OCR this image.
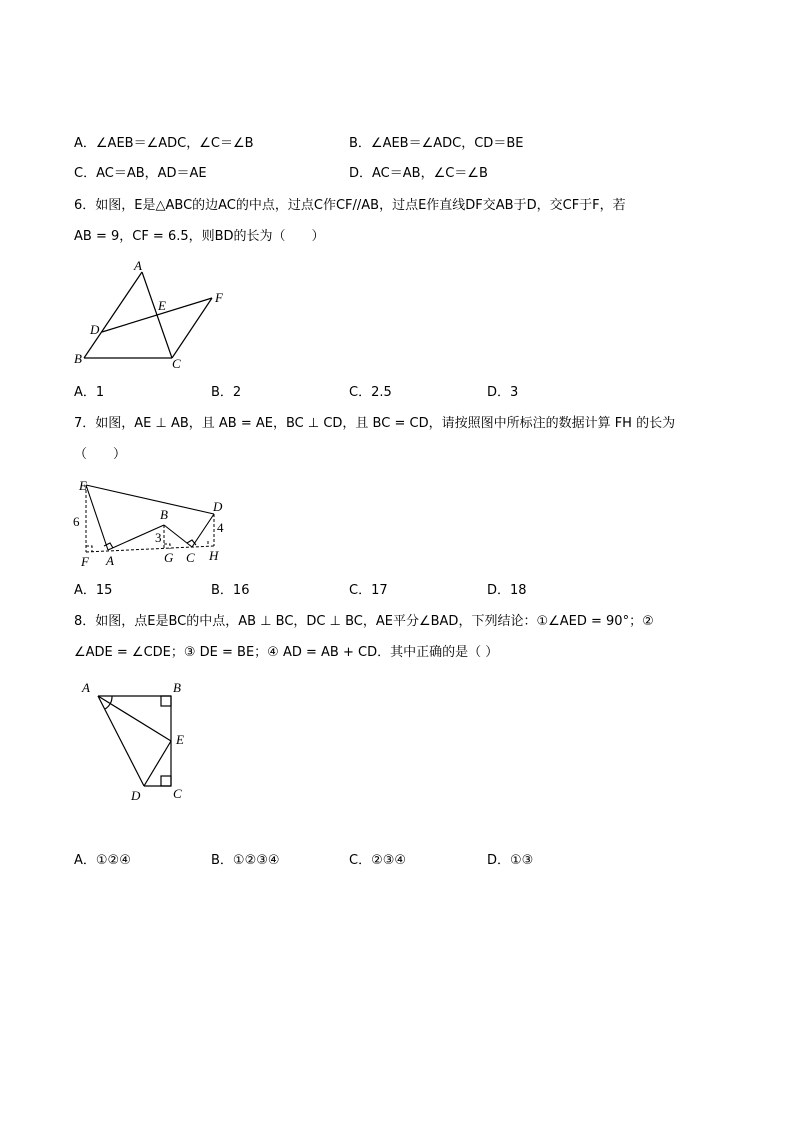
A．∠AEB＝∠ADC，∠C＝∠B	B．∠AEB＝∠ADC，CD＝BE
C．AC＝AB，AD＝AE	D．AC＝AB，∠C＝∠B
6．如图，E是△ABC的边AC的中点，过点C作CF//AB，过点E作直线DF交AB于D，交CF于F，若
AB = 9，CF = 6.5，则BD的长为（　　）
A
B	C
D
E
F
A．1	B．2	C．2.5	D．3
7．如图，AE ⊥ AB，且 AB = AE，BC ⊥ CD，且 BC = CD，请按照图中所标注的数据计算 FH 的长为
（　　）
E
D
B
F A	G C H
6
3
4
A．15	B．16	C．17	D．18
8．如图，点E是BC的中点，AB ⊥ BC，DC ⊥ BC，AE平分∠BAD，下列结论：①∠AED = 90°；②
∠ADE = ∠CDE；③ DE = BE；④ AD = AB + CD．其中正确的是（ ）
A	B
E
D	C
A．①②④	B．①②③④	C．②③④	D．①③
